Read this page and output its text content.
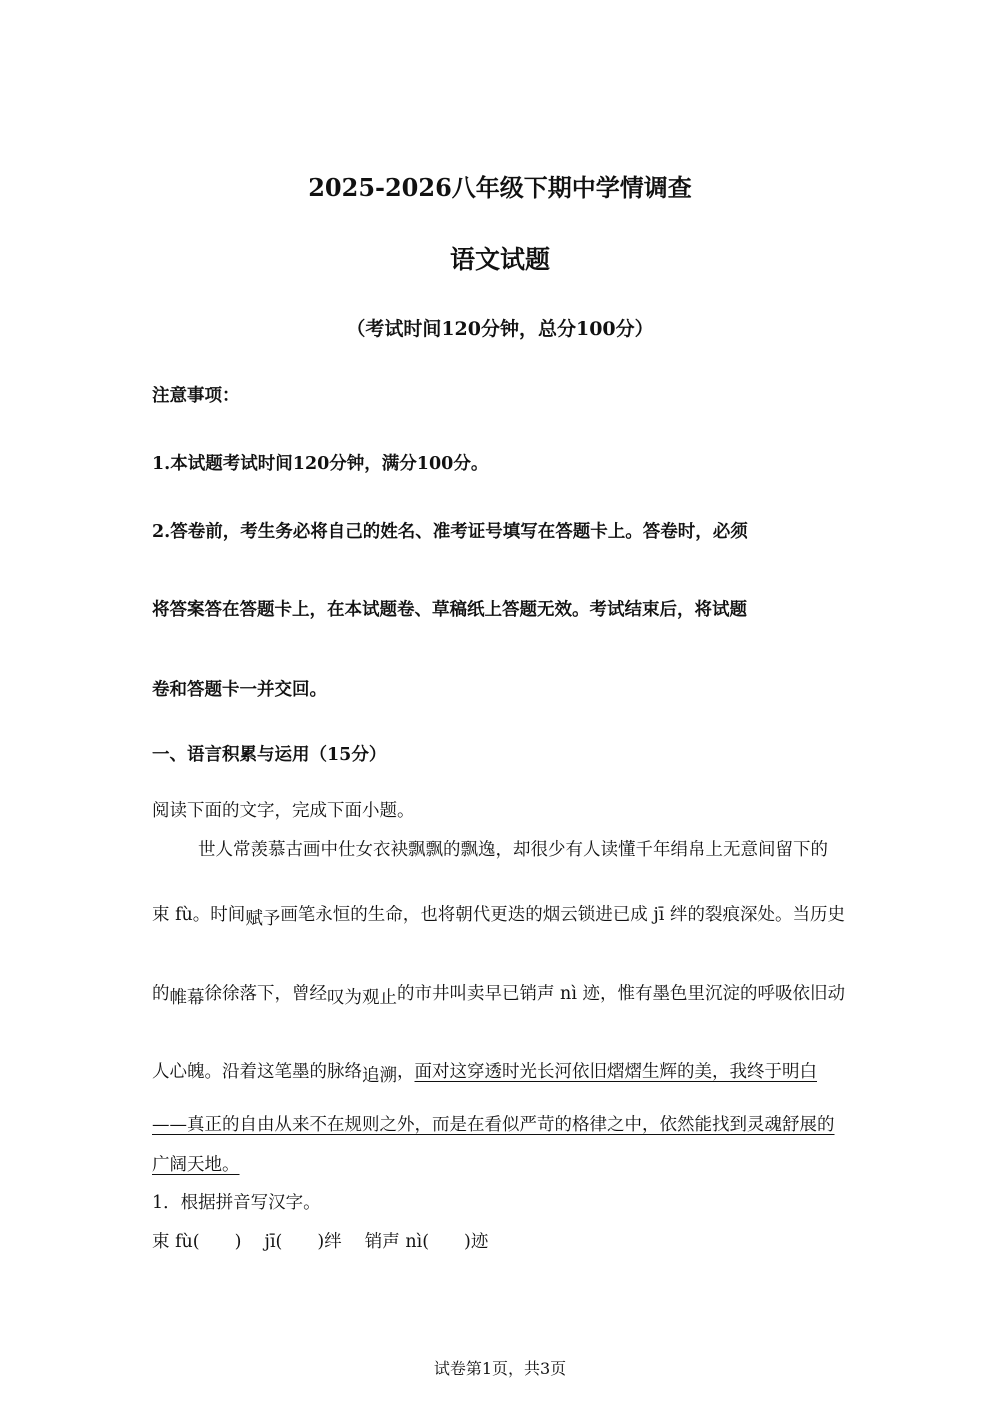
2025-2026八年级下期中学情调查
语文试题
（考试时间120分钟，总分100分）
注意事项：
1.本试题考试时间120分钟，满分100分。
2.答卷前，考生务必将自己的姓名、准考证号填写在答题卡上。答卷时，必须
将答案答在答题卡上，在本试题卷、草稿纸上答题无效。考试结束后，将试题
卷和答题卡一并交回。
一、语言积累与运用（15分）
阅读下面的文字，完成下面小题。
世人常羡慕古画中仕女衣袂飘飘的飘逸，却很少有人读懂千年绢帛上无意间留下的
束 fù。时间赋予画笔永恒的生命，也将朝代更迭的烟云锁进已成 jī 绊的裂痕深处。当历史
的帷幕徐徐落下，曾经叹为观止的市井叫卖早已销声 nì 迹，惟有墨色里沉淀的呼吸依旧动
人心魄。沿着这笔墨的脉络追溯，面对这穿透时光长河依旧熠熠生辉的美，我终于明白
——真正的自由从来不在规则之外，而是在看似严苛的格律之中，依然能找到灵魂舒展的
广阔天地。
1．根据拼音写汉字。
束 fù(　　)　 jī(　　)绊　 销声 nì(　　)迹
试卷第1页，共3页
